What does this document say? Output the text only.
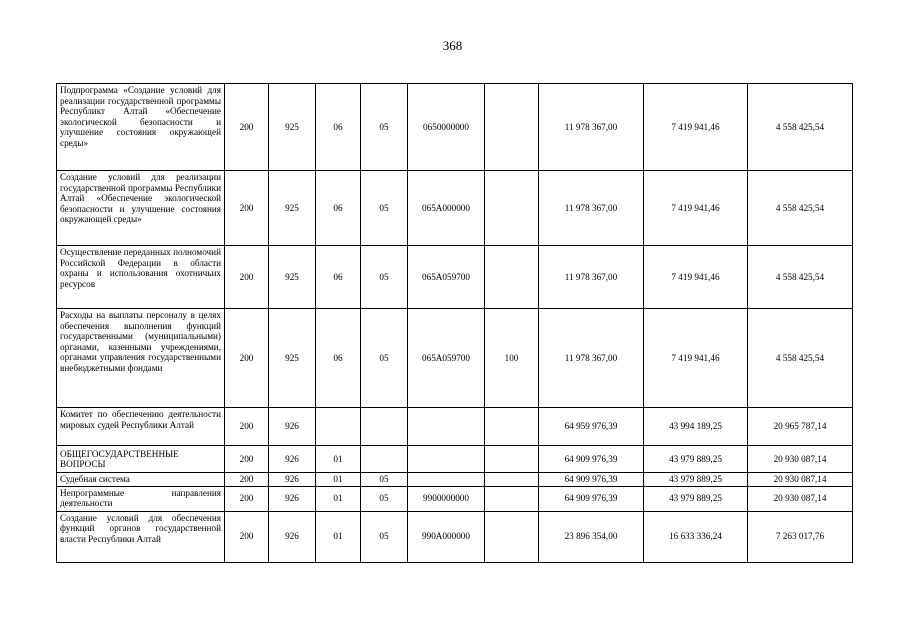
368
Подпрограмма «Создание условий для реализации государственной программы Республикт Алтай «Обеспечение экологической безопасности и улучшение состояния окружающей среды»	200	925	06	05	0650000000		11 978 367,00	7 419 941,46	4 558 425,54
Создание условий для реализации государственной программы Республики Алтай «Обеспечение экологической безопасности и улучшение состояния окружающей среды»	200	925	06	05	065A000000		11 978 367,00	7 419 941,46	4 558 425,54
Осуществление переданных полномочий Российской Федерации в области охраны и использования охотничьих ресурсов	200	925	06	05	065A059700		11 978 367,00	7 419 941,46	4 558 425,54
Расходы на выплаты персоналу в целях обеспечения выполнения функций государственными (муниципальными) органами, казенными учреждениями, органами управления государственными внебюджетными фондами	200	925	06	05	065A059700	100	11 978 367,00	7 419 941,46	4 558 425,54
Комитет по обеспечению деятельности мировых судей Республики Алтай	200	926					64 959 976,39	43 994 189,25	20 965 787,14
ОБЩЕГОСУДАРСТВЕННЫЕ ВОПРОСЫ	200	926	01				64 909 976,39	43 979 889,25	20 930 087,14
Судебная система	200	926	01	05			64 909 976,39	43 979 889,25	20 930 087,14
Непрограммные направления деятельности	200	926	01	05	9900000000		64 909 976,39	43 979 889,25	20 930 087,14
Создание условий для обеспечения функций органов государственной власти Республики Алтай	200	926	01	05	990A000000		23 896 354,00	16 633 336,24	7 263 017,76
